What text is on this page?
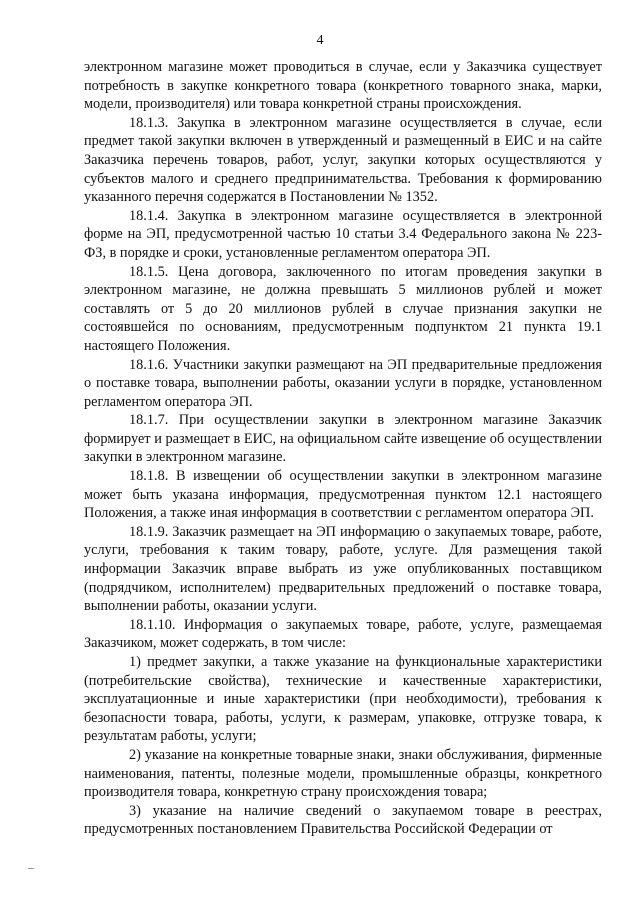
4

электронном магазине может проводиться в случае, если у Заказчика существует потребность в закупке конкретного товара (конкретного товарного знака, марки, модели, производителя) или товара конкретной страны происхождения.

18.1.3. Закупка в электронном магазине осуществляется в случае, если предмет такой закупки включен в утвержденный и размещенный в ЕИС и на сайте Заказчика перечень товаров, работ, услуг, закупки которых осуществляются у субъектов малого и среднего предпринимательства. Требования к формированию указанного перечня содержатся в Постановлении № 1352.

18.1.4. Закупка в электронном магазине осуществляется в электронной форме на ЭП, предусмотренной частью 10 статьи 3.4 Федерального закона № 223-ФЗ, в порядке и сроки, установленные регламентом оператора ЭП.

18.1.5. Цена договора, заключенного по итогам проведения закупки в электронном магазине, не должна превышать 5 миллионов рублей и может составлять от 5 до 20 миллионов рублей в случае признания закупки не состоявшейся по основаниям, предусмотренным подпунктом 21 пункта 19.1 настоящего Положения.

18.1.6. Участники закупки размещают на ЭП предварительные предложения о поставке товара, выполнении работы, оказании услуги в порядке, установленном регламентом оператора ЭП.

18.1.7. При осуществлении закупки в электронном магазине Заказчик формирует и размещает в ЕИС, на официальном сайте извещение об осуществлении закупки в электронном магазине.

18.1.8. В извещении об осуществлении закупки в электронном магазине может быть указана информация, предусмотренная пунктом 12.1 настоящего Положения, а также иная информация в соответствии с регламентом оператора ЭП.

18.1.9. Заказчик размещает на ЭП информацию о закупаемых товаре, работе, услуги, требования к таким товару, работе, услуге. Для размещения такой информации Заказчик вправе выбрать из уже опубликованных поставщиком (подрядчиком, исполнителем) предварительных предложений о поставке товара, выполнении работы, оказании услуги.

18.1.10. Информация о закупаемых товаре, работе, услуге, размещаемая Заказчиком, может содержать, в том числе:

1) предмет закупки, а также указание на функциональные характеристики (потребительские свойства), технические и качественные характеристики, эксплуатационные и иные характеристики (при необходимости), требования к безопасности товара, работы, услуги, к размерам, упаковке, отгрузке товара, к результатам работы, услуги;

2) указание на конкретные товарные знаки, знаки обслуживания, фирменные наименования, патенты, полезные модели, промышленные образцы, конкретного производителя товара, конкретную страну происхождения товара;

3) указание на наличие сведений о закупаемом товаре в реестрах, предусмотренных постановлением Правительства Российской Федерации от
